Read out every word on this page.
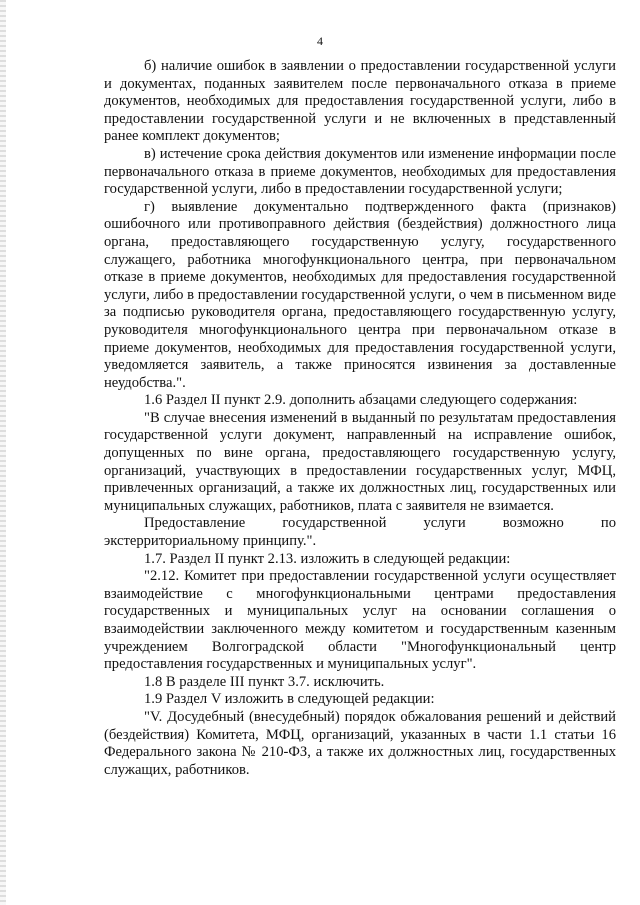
4

б) наличие ошибок в заявлении о предоставлении государственной услуги и документах, поданных заявителем после первоначального отказа в приеме документов, необходимых для предоставления государственной услуги, либо в предоставлении государственной услуги и не включенных в представленный ранее комплект документов;

в) истечение срока действия документов или изменение информации после первоначального отказа в приеме документов, необходимых для предоставления государственной услуги, либо в предоставлении государственной услуги;

г) выявление документально подтвержденного факта (признаков) ошибочного или противоправного действия (бездействия) должностного лица органа, предоставляющего государственную услугу, государственного служащего, работника многофункционального центра, при первоначальном отказе в приеме документов, необходимых для предоставления государственной услуги, либо в предоставлении государственной услуги, о чем в письменном виде за подписью руководителя органа, предоставляющего государственную услугу, руководителя многофункционального центра при первоначальном отказе в приеме документов, необходимых для предоставления государственной услуги, уведомляется заявитель, а также приносятся извинения за доставленные неудобства.".

1.6 Раздел II пункт 2.9. дополнить абзацами следующего содержания:

"В случае внесения изменений в выданный по результатам предоставления государственной услуги документ, направленный на исправление ошибок, допущенных по вине органа, предоставляющего государственную услугу, организаций, участвующих в предоставлении государственных услуг, МФЦ, привлеченных организаций, а также их должностных лиц, государственных или муниципальных служащих, работников, плата с заявителя не взимается.

Предоставление государственной услуги возможно по экстерриториальному принципу.".

1.7. Раздел II пункт 2.13. изложить в следующей редакции:

"2.12. Комитет при предоставлении государственной услуги осуществляет взаимодействие с многофункциональными центрами предоставления государственных и муниципальных услуг на основании соглашения о взаимодействии заключенного между комитетом и государственным казенным учреждением Волгоградской области "Многофункциональный центр предоставления государственных и муниципальных услуг".

1.8 В разделе III пункт 3.7. исключить.

1.9 Раздел V изложить в следующей редакции:

"V. Досудебный (внесудебный) порядок обжалования решений и действий (бездействия) Комитета, МФЦ, организаций, указанных в части 1.1 статьи 16 Федерального закона № 210-ФЗ, а также их должностных лиц, государственных служащих, работников.
